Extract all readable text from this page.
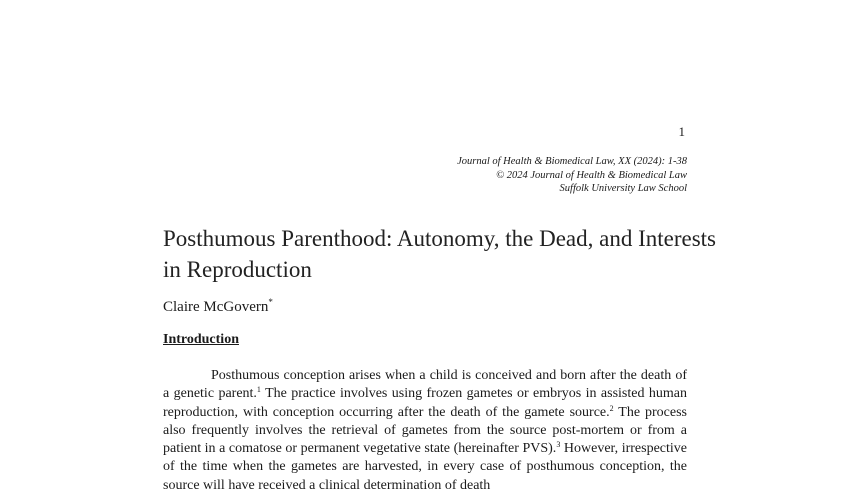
1
Journal of Health & Biomedical Law, XX (2024): 1-38
© 2024 Journal of Health & Biomedical Law
Suffolk University Law School
Posthumous Parenthood: Autonomy, the Dead, and Interests in Reproduction
Claire McGovern*
Introduction

Posthumous conception arises when a child is conceived and born after the death of a genetic parent.$^1$ The practice involves using frozen gametes or embryos in assisted human reproduction, with conception occurring after the death of the gamete source.$^2$ The process also frequently involves the retrieval of gametes from the source post-mortem or from a patient in a comatose or permanent vegetative state (hereinafter PVS).$^3$ However, irrespective of the time when the gametes are harvested, in every case of posthumous conception, the source will have received a clinical determination of death
